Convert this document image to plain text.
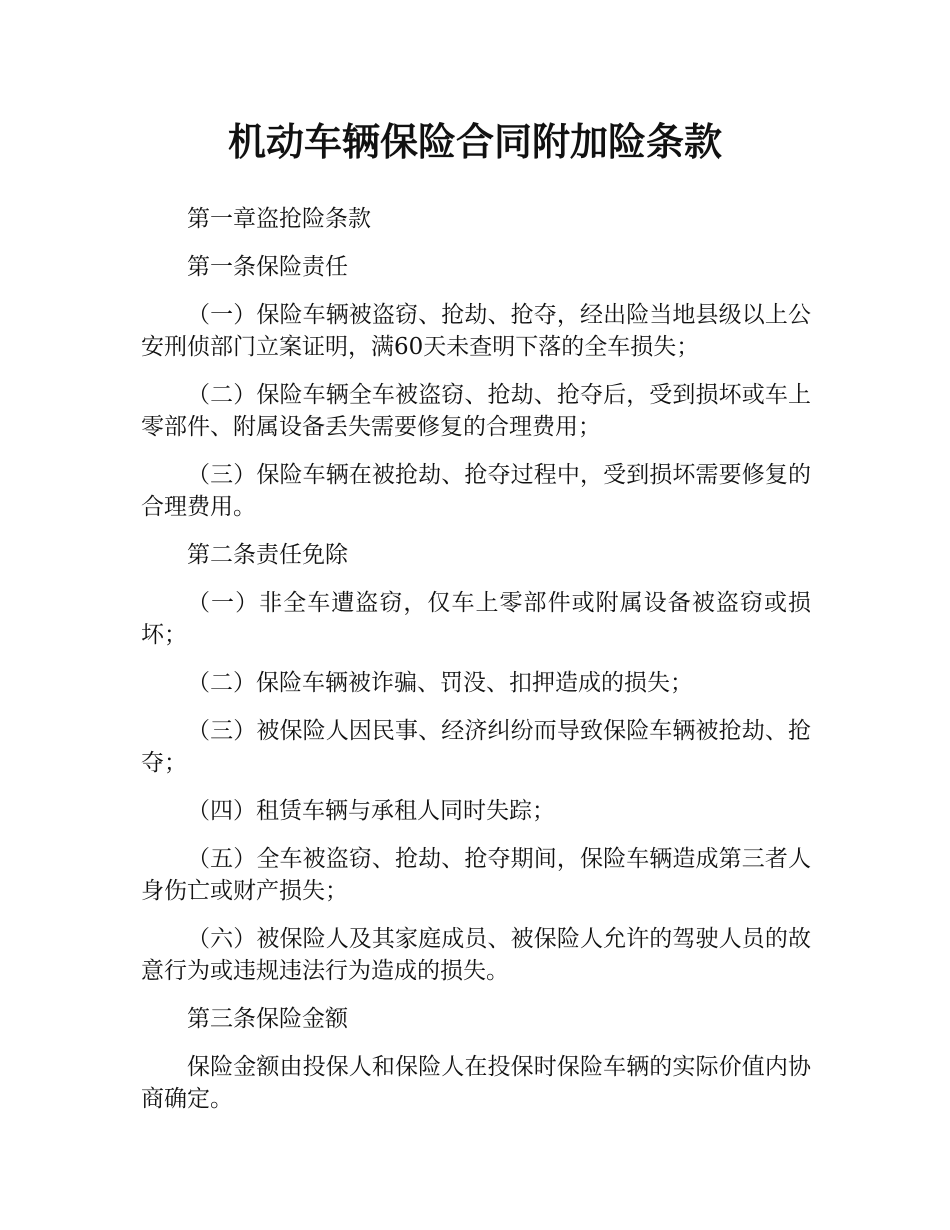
机动车辆保险合同附加险条款

第一章盗抢险条款

第一条保险责任

（一）保险车辆被盗窃、抢劫、抢夺，经出险当地县级以上公安刑侦部门立案证明，满60天未查明下落的全车损失；

（二）保险车辆全车被盗窃、抢劫、抢夺后，受到损坏或车上零部件、附属设备丢失需要修复的合理费用；

（三）保险车辆在被抢劫、抢夺过程中，受到损坏需要修复的合理费用。

第二条责任免除

（一）非全车遭盗窃，仅车上零部件或附属设备被盗窃或损坏；

（二）保险车辆被诈骗、罚没、扣押造成的损失；

（三）被保险人因民事、经济纠纷而导致保险车辆被抢劫、抢夺；

（四）租赁车辆与承租人同时失踪；

（五）全车被盗窃、抢劫、抢夺期间，保险车辆造成第三者人身伤亡或财产损失；

（六）被保险人及其家庭成员、被保险人允许的驾驶人员的故意行为或违规违法行为造成的损失。

第三条保险金额

保险金额由投保人和保险人在投保时保险车辆的实际价值内协商确定。
